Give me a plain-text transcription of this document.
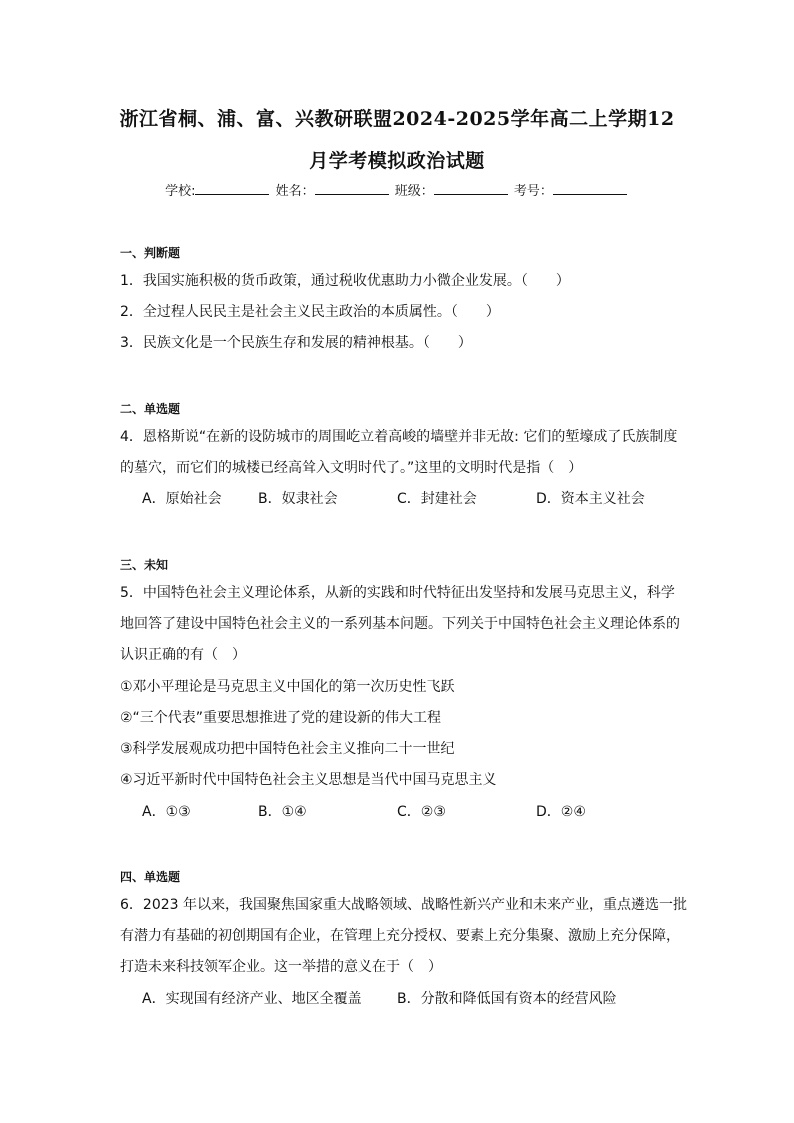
浙江省桐、浦、富、兴教研联盟2024-2025学年高二上学期12
月学考模拟政治试题
学校:	姓名：	班级：	考号：
一、判断题
1．我国实施积极的货币政策，通过税收优惠助力小微企业发展。（　　）
2．全过程人民民主是社会主义民主政治的本质属性。（　　）
3．民族文化是一个民族生存和发展的精神根基。（　　）
二、单选题
4．恩格斯说“在新的设防城市的周围屹立着高峻的墙壁并非无故: 它们的堑壕成了氏族制度
的墓穴，而它们的城楼已经高耸入文明时代了。”这里的文明时代是指（　）
A．原始社会	B．奴隶社会	C．封建社会	D．资本主义社会
三、未知
5．中国特色社会主义理论体系，从新的实践和时代特征出发坚持和发展马克思主义，科学
地回答了建设中国特色社会主义的一系列基本问题。下列关于中国特色社会主义理论体系的
认识正确的有（　）
①邓小平理论是马克思主义中国化的第一次历史性飞跃
②“三个代表”重要思想推进了党的建设新的伟大工程
③科学发展观成功把中国特色社会主义推向二十一世纪
④习近平新时代中国特色社会主义思想是当代中国马克思主义
A．①③	B．①④	C．②③	D．②④
四、单选题
6．2023 年以来，我国聚焦国家重大战略领域、战略性新兴产业和未来产业，重点遴选一批
有潜力有基础的初创期国有企业，在管理上充分授权、要素上充分集聚、激励上充分保障，
打造未来科技领军企业。这一举措的意义在于（　）
A．实现国有经济产业、地区全覆盖	B．分散和降低国有资本的经营风险
